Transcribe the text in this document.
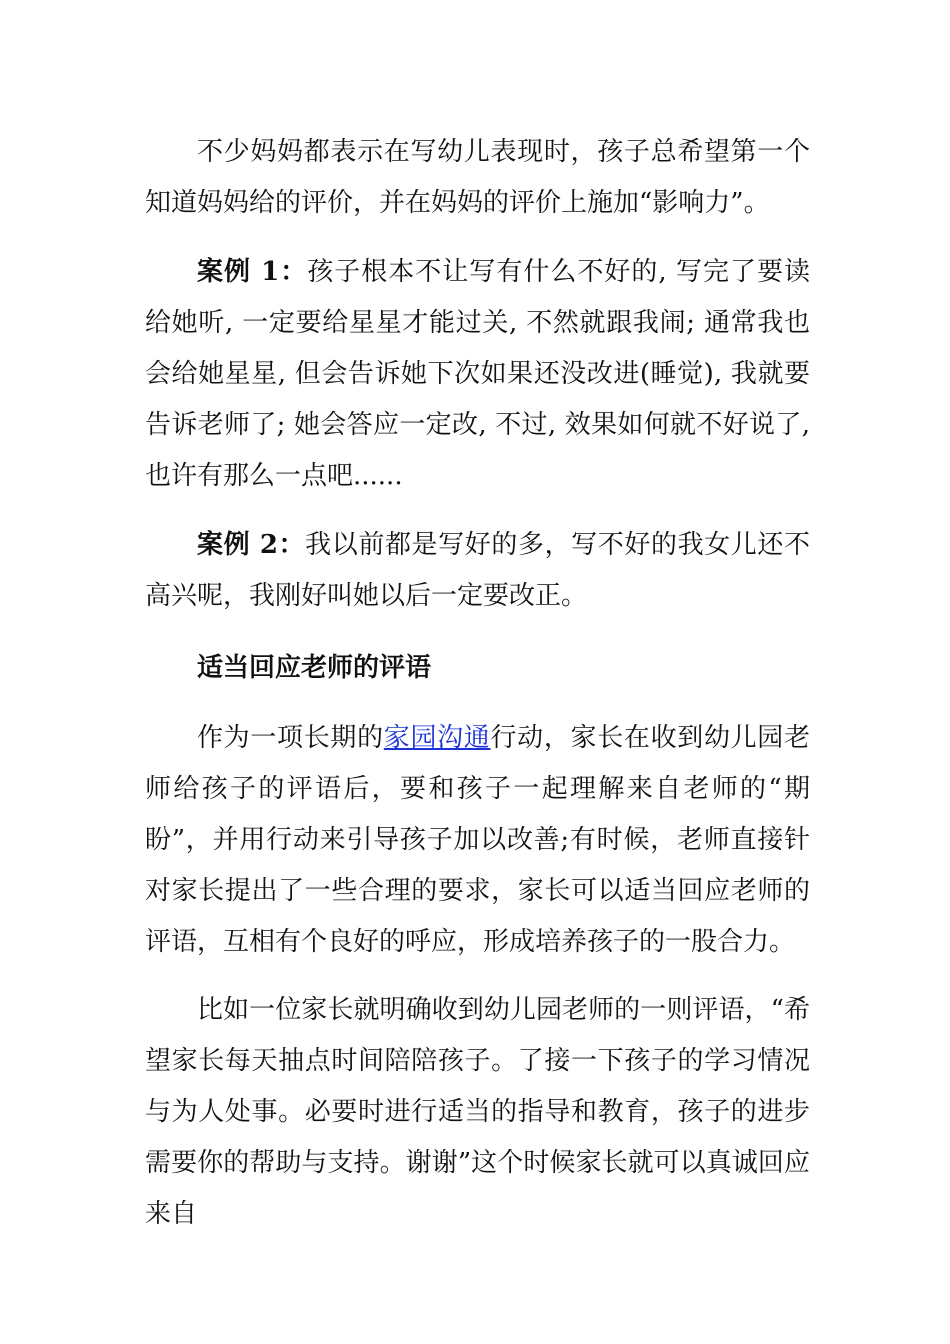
不少妈妈都表示在写幼儿表现时，孩子总希望第一个知道妈妈给的评价，并在妈妈的评价上施加“影响力”。

案例 1：孩子根本不让写有什么不好的, 写完了要读给她听, 一定要给星星才能过关, 不然就跟我闹; 通常我也会给她星星, 但会告诉她下次如果还没改进(睡觉), 我就要告诉老师了; 她会答应一定改, 不过, 效果如何就不好说了, 也许有那么一点吧......

案例 2：我以前都是写好的多，写不好的我女儿还不高兴呢，我刚好叫她以后一定要改正。

适当回应老师的评语

作为一项长期的家园沟通行动，家长在收到幼儿园老师给孩子的评语后，要和孩子一起理解来自老师的“期盼”，并用行动来引导孩子加以改善;有时候，老师直接针对家长提出了一些合理的要求，家长可以适当回应老师的评语，互相有个良好的呼应，形成培养孩子的一股合力。

比如一位家长就明确收到幼儿园老师的一则评语，“希望家长每天抽点时间陪陪孩子。了接一下孩子的学习情况与为人处事。必要时进行适当的指导和教育，孩子的进步需要你的帮助与支持。谢谢”这个时候家长就可以真诚回应来自
